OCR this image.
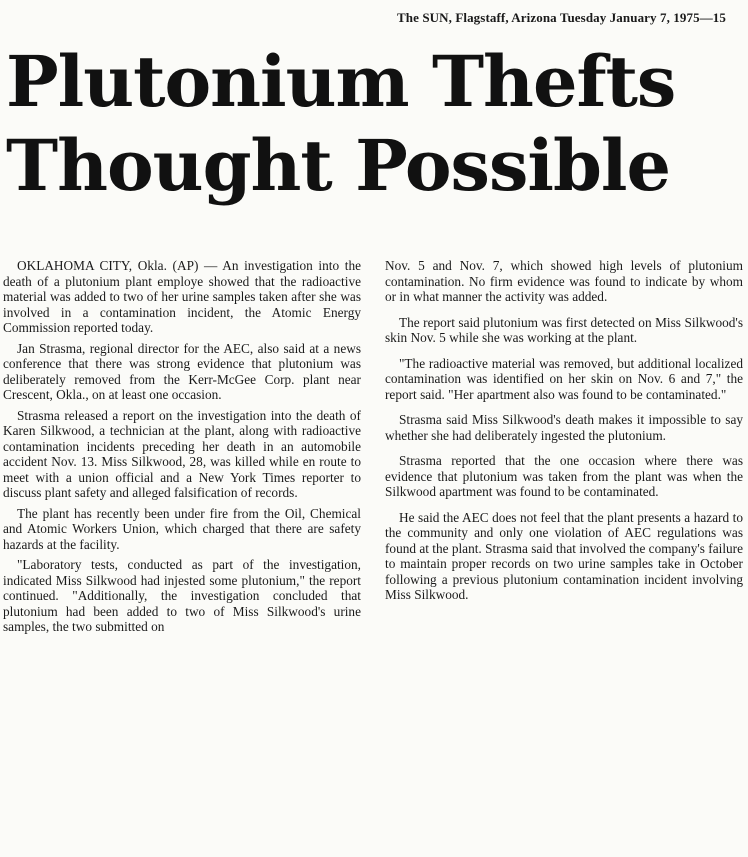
The SUN, Flagstaff, Arizona Tuesday January 7, 1975—15
Plutonium Thefts
Thought Possible

OKLAHOMA CITY, Okla. (AP) — An investigation into the death of a plutonium plant employe showed that the radioactive material was added to two of her urine samples taken after she was involved in a contamination incident, the Atomic Energy Commission reported today.

Jan Strasma, regional director for the AEC, also said at a news conference that there was strong evidence that plutonium was deliberately removed from the Kerr-McGee Corp. plant near Crescent, Okla., on at least one occasion.

Strasma released a report on the investigation into the death of Karen Silkwood, a technician at the plant, along with radioactive contamination incidents preceding her death in an automobile accident Nov. 13. Miss Silkwood, 28, was killed while en route to meet with a union official and a New York Times reporter to discuss plant safety and alleged falsification of records.

The plant has recently been under fire from the Oil, Chemical and Atomic Workers Union, which charged that there are safety hazards at the facility.

"Laboratory tests, conducted as part of the investigation, indicated Miss Silkwood had injested some plutonium," the report continued. "Additionally, the investigation concluded that plutonium had been added to two of Miss Silkwood's urine samples, the two submitted on

Nov. 5 and Nov. 7, which showed high levels of plutonium contamination. No firm evidence was found to indicate by whom or in what manner the activity was added.

The report said plutonium was first detected on Miss Silkwood's skin Nov. 5 while she was working at the plant.

"The radioactive material was removed, but additional localized contamination was identified on her skin on Nov. 6 and 7," the report said. "Her apartment also was found to be contaminated."

Strasma said Miss Silkwood's death makes it impossible to say whether she had deliberately ingested the plutonium.

Strasma reported that the one occasion where there was evidence that plutonium was taken from the plant was when the Silkwood apartment was found to be contaminated.

He said the AEC does not feel that the plant presents a hazard to the community and only one violation of AEC regulations was found at the plant. Strasma said that involved the company's failure to maintain proper records on two urine samples take in October following a previous plutonium contamination incident involving Miss Silkwood.
